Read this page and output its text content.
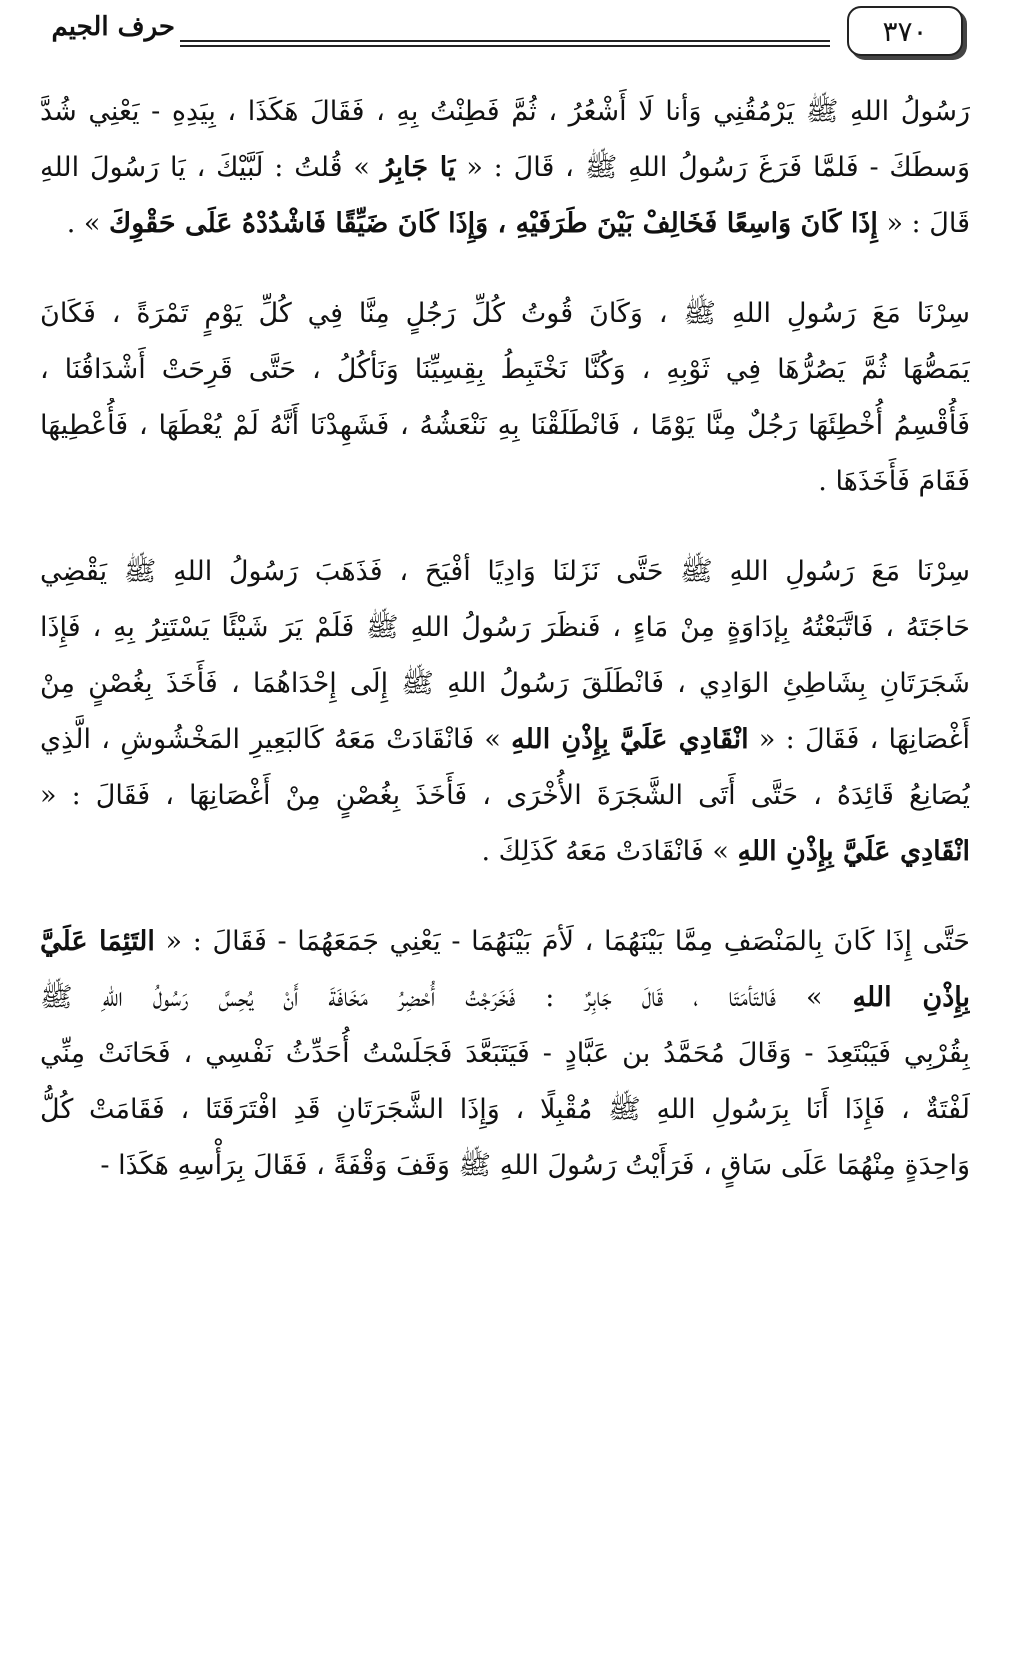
٣٧٠
حرف الجيم

رَسُولُ اللهِ ﷺ يَرْمُقُنِي وَأنا لَا أَشْعُرُ ، ثُمَّ فَطِنْتُ بِهِ ، فَقَالَ هَكَذَا ، بِيَدِهِ - يَعْنِي شُدَّ
وَسطَكَ - فَلمَّا فَرَغَ رَسُولُ اللهِ ﷺ ، قَالَ : « يَا جَابِرُ » قُلتُ : لَبَّيْكَ ، يَا رَسُولَ اللهِ
قَالَ : « إِذَا كَانَ وَاسِعًا فَخَالِفْ بَيْنَ طَرَفَيْهِ ، وَإِذَا كَانَ ضَيِّقًا فَاشْدُدْهُ عَلَى حَقْوِكَ » .

سِرْنَا مَعَ رَسُولِ اللهِ ﷺ ، وَكَانَ قُوتُ كُلِّ رَجُلٍ مِنَّا فِي كُلِّ يَوْمٍ تَمْرَةً ، فَكَانَ
يَمَصُّهَا ثُمَّ يَصُرُّهَا فِي ثَوْبِهِ ، وَكُنَّا نَخْتَبِطُ بِقِسِيِّنَا وَنَأكُلُ ، حَتَّى قَرِحَتْ أَشْدَاقُنَا ،
فَأُقْسِمُ أُخْطِئَهَا رَجُلٌ مِنَّا يَوْمًا ، فَانْطَلَقْنَا بِهِ نَنْعَشُهُ ، فَشَهِدْنَا أَنَّهُ لَمْ يُعْطَهَا ، فَأُعْطِيهَا
فَقَامَ فَأَخَذَهَا .

سِرْنَا مَعَ رَسُولِ اللهِ ﷺ حَتَّى نَزَلنَا وَادِيًا أفْيَحَ ، فَذَهَبَ رَسُولُ اللهِ ﷺ يَقْضِي
حَاجَتَهُ ، فَاتَّبَعْتُهُ بِإدَاوَةٍ مِنْ مَاءٍ ، فَنظَرَ رَسُولُ اللهِ ﷺ فَلَمْ يَرَ شَيْئًا يَسْتَتِرُ بِهِ ، فَإِذَا
شَجَرَتَانِ بِشَاطِئِ الوَادِي ، فَانْطَلَقَ رَسُولُ اللهِ ﷺ إِلَى إِحْدَاهُمَا ، فَأَخَذَ بِغُصْنٍ مِنْ
أَغْصَانِهَا ، فَقَالَ : « انْقَادِي عَلَيَّ بِإِذْنِ اللهِ » فَانْقَادَتْ مَعَهُ كَالبَعِيرِ المَخْشُوشِ ، الَّذِي
يُصَانِعُ قَائِدَهُ ، حَتَّى أَتَى الشَّجَرَةَ الأُخْرَى ، فَأَخَذَ بِغُصْنٍ مِنْ أَغْصَانِهَا ، فَقَالَ : «
انْقَادِي عَلَيَّ بِإِذْنِ اللهِ » فَانْقَادَتْ مَعَهُ كَذَلِكَ .

حَتَّى إِذَا كَانَ بِالمَنْصَفِ مِمَّا بَيْنَهُمَا ، لَأمَ بَيْنَهُمَا - يَعْنِي جَمَعَهُمَا - فَقَالَ : « التَئِمَا عَلَيَّ
بِإِذْنِ اللهِ » فَالتَأمَتَا ، قَالَ جَابِرٌ : فَخَرَجْتُ أُحْضِرُ مَخَافَةَ أَنْ يُحِسَّ رَسُولُ اللهِ ﷺ
بِقُرْبِي فَيَبْتَعِدَ - وَقَالَ مُحَمَّدُ بن عَبَّادٍ - فَيَتَبَعَّدَ فَجَلَسْتُ أُحَدِّثُ نَفْسِي ، فَحَانَتْ مِنِّي
لَفْتَةٌ ، فَإِذَا أَنَا بِرَسُولِ اللهِ ﷺ مُقْبِلًا ، وَإِذَا الشَّجَرَتَانِ قَدِ افْتَرَقَتَا ، فَقَامَتْ كُلُّ
وَاحِدَةٍ مِنْهُمَا عَلَى سَاقٍ ، فَرَأَيْتُ رَسُولَ اللهِ ﷺ وَقَفَ وَقْفَةً ، فَقَالَ بِرَأْسِهِ هَكَذَا -
